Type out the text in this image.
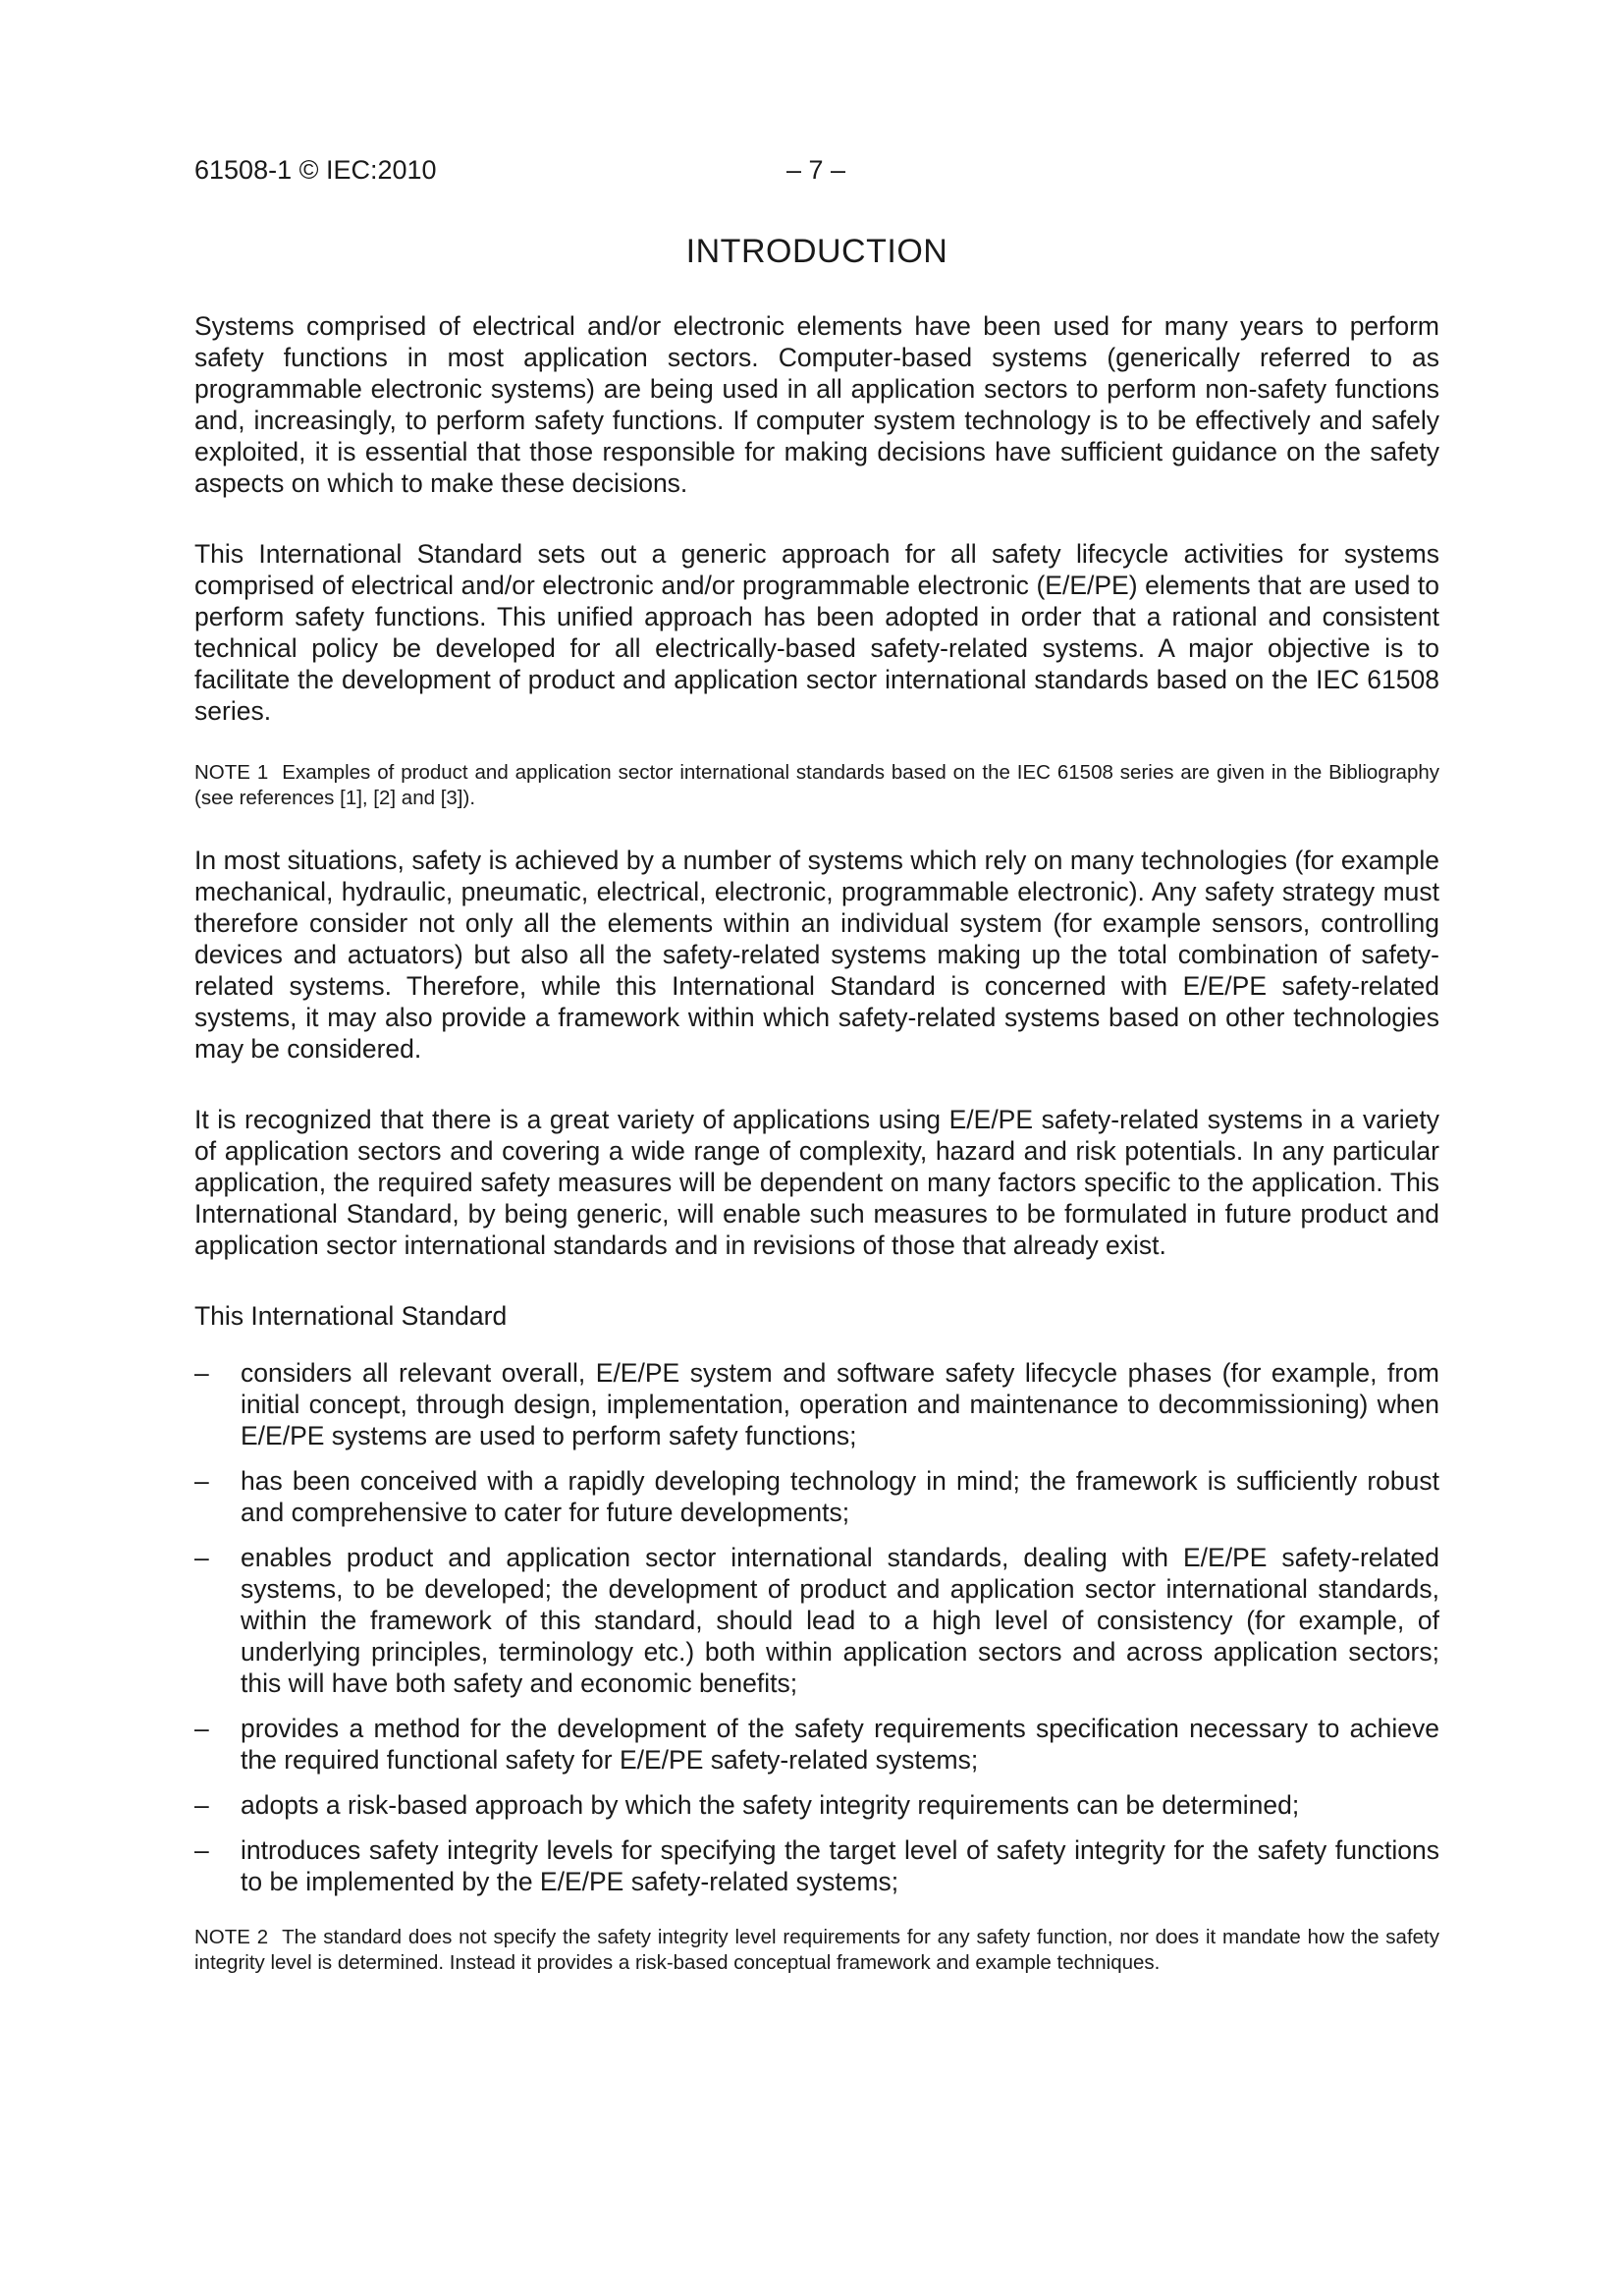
61508-1 © IEC:2010	– 7 –
INTRODUCTION

Systems comprised of electrical and/or electronic elements have been used for many years to perform safety functions in most application sectors. Computer-based systems (generically referred to as programmable electronic systems) are being used in all application sectors to perform non-safety functions and, increasingly, to perform safety functions. If computer system technology is to be effectively and safely exploited, it is essential that those responsible for making decisions have sufficient guidance on the safety aspects on which to make these decisions.

This International Standard sets out a generic approach for all safety lifecycle activities for systems comprised of electrical and/or electronic and/or programmable electronic (E/E/PE) elements that are used to perform safety functions. This unified approach has been adopted in order that a rational and consistent technical policy be developed for all electrically-based safety-related systems. A major objective is to facilitate the development of product and application sector international standards based on the IEC 61508 series.

NOTE 1 Examples of product and application sector international standards based on the IEC 61508 series are given in the Bibliography (see references [1], [2] and [3]).

In most situations, safety is achieved by a number of systems which rely on many technologies (for example mechanical, hydraulic, pneumatic, electrical, electronic, programmable electronic). Any safety strategy must therefore consider not only all the elements within an individual system (for example sensors, controlling devices and actuators) but also all the safety-related systems making up the total combination of safety-related systems. Therefore, while this International Standard is concerned with E/E/PE safety-related systems, it may also provide a framework within which safety-related systems based on other technologies may be considered.

It is recognized that there is a great variety of applications using E/E/PE safety-related systems in a variety of application sectors and covering a wide range of complexity, hazard and risk potentials. In any particular application, the required safety measures will be dependent on many factors specific to the application. This International Standard, by being generic, will enable such measures to be formulated in future product and application sector international standards and in revisions of those that already exist.

This International Standard

– considers all relevant overall, E/E/PE system and software safety lifecycle phases (for example, from initial concept, through design, implementation, operation and maintenance to decommissioning) when E/E/PE systems are used to perform safety functions;
– has been conceived with a rapidly developing technology in mind; the framework is sufficiently robust and comprehensive to cater for future developments;
– enables product and application sector international standards, dealing with E/E/PE safety-related systems, to be developed; the development of product and application sector international standards, within the framework of this standard, should lead to a high level of consistency (for example, of underlying principles, terminology etc.) both within application sectors and across application sectors; this will have both safety and economic benefits;
– provides a method for the development of the safety requirements specification necessary to achieve the required functional safety for E/E/PE safety-related systems;
– adopts a risk-based approach by which the safety integrity requirements can be determined;
– introduces safety integrity levels for specifying the target level of safety integrity for the safety functions to be implemented by the E/E/PE safety-related systems;

NOTE 2 The standard does not specify the safety integrity level requirements for any safety function, nor does it mandate how the safety integrity level is determined. Instead it provides a risk-based conceptual framework and example techniques.
